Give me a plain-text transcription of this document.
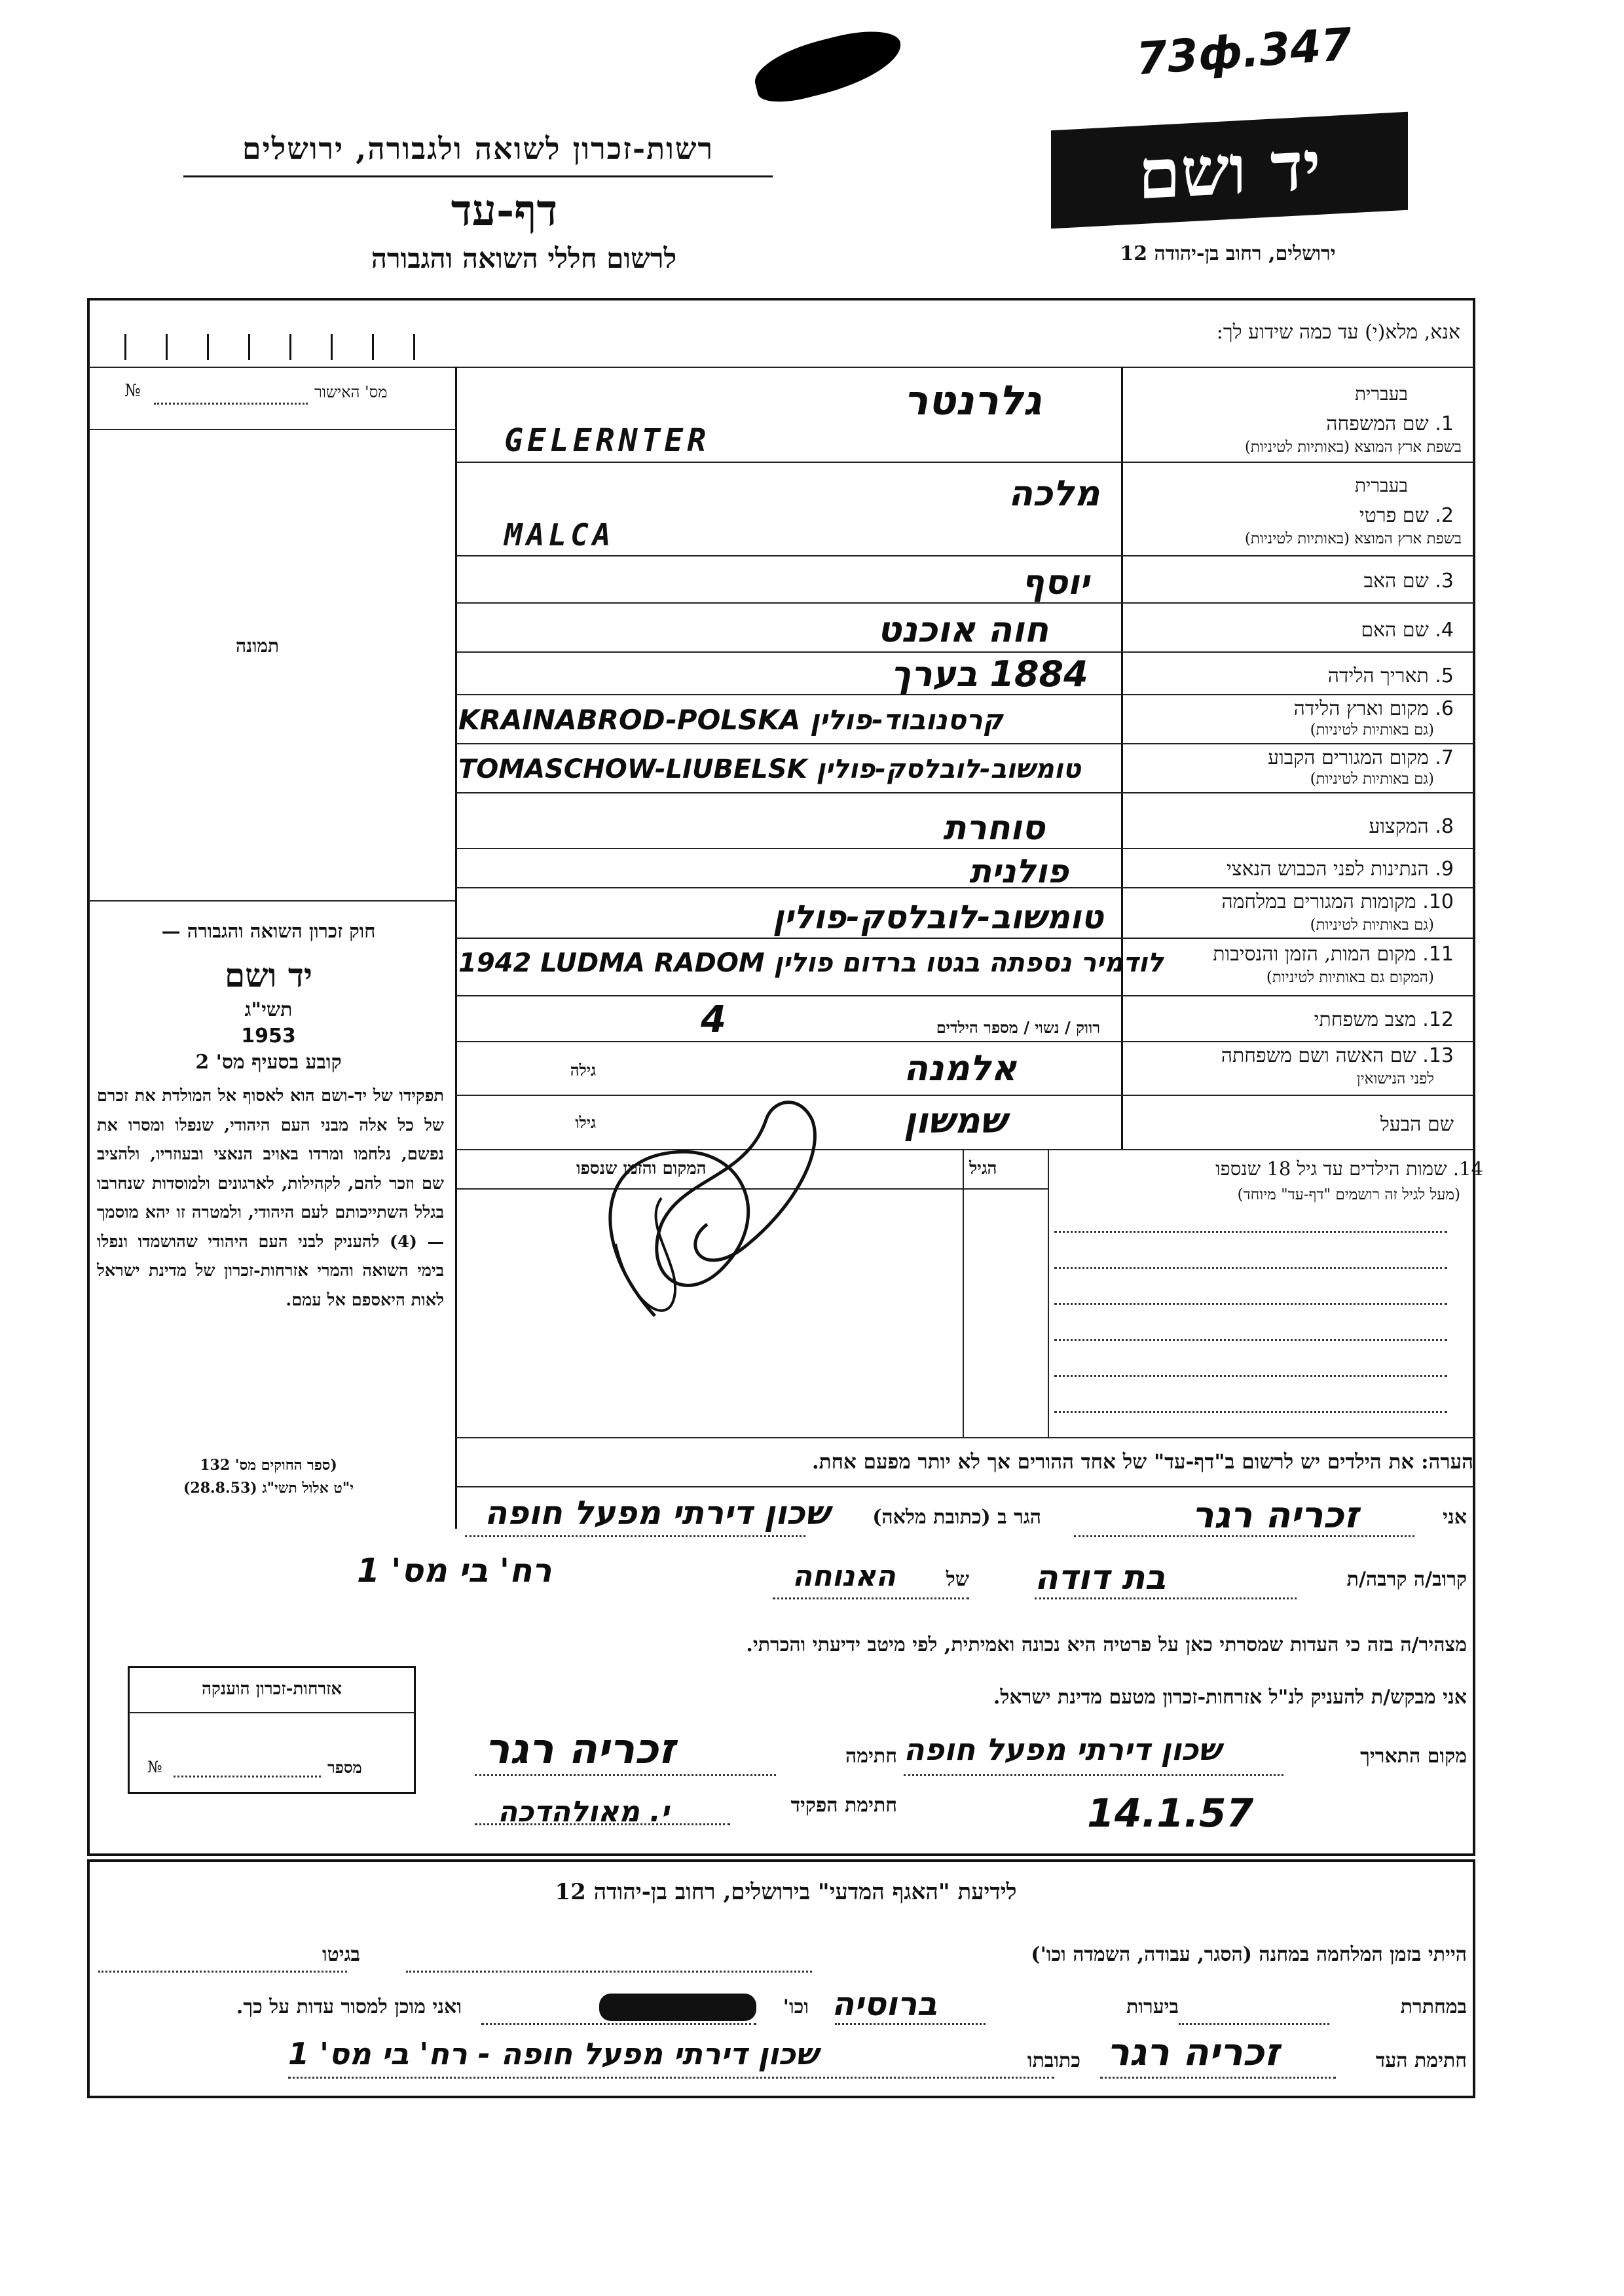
73ф.347
רשות-זכרון לשואה ולגבורה, ירושלים
דף-עד
לרשום חללי השואה והגבורה
יד ושם
ירושלים, רחוב בן-יהודה 12
אנא, מלא(י) עד כמה שידוע לך:
מס' האישור
№
תמונה
חוק זכרון השואה והגבורה —
יד ושם
תשי"ג
1953
קובע בסעיף מס' 2
תפקידו של יד-ושם הוא לאסוף אל המולדת את זכרם של כל אלה מבני העם היהודי, שנפלו ומסרו את נפשם, נלחמו ומרדו באויב הנאצי ובעוזריו, ולהציב שם וזכר להם, לקהילות, לארגונים ולמוסדות שנחרבו בגלל השתייכותם לעם היהודי, ולמטרה זו יהא מוסמך — (4) להעניק לבני העם היהודי שהושמדו ונפלו בימי השואה והמרי אזרחות-זכרון של מדינת ישראל לאות היאספם אל עמם.
(ספר החוקים מס' 132
י"ט אלול תשי"ג (28.8.53)
בעברית
1. שם המשפחה
בשפת ארץ המוצא (באותיות לטיניות)
בעברית
2. שם פרטי
בשפת ארץ המוצא (באותיות לטיניות)
3. שם האב
4. שם האם
5. תאריך הלידה
6. מקום וארץ הלידה
(גם באותיות לטיניות)
7. מקום המגורים הקבוע
(גם באותיות לטיניות)
8. המקצוע
9. הנתינות לפני הכבוש הנאצי
10. מקומות המגורים במלחמה
(גם באותיות לטיניות)
11. מקום המות, הזמן והנסיבות
(המקום גם באותיות לטיניות)
12. מצב משפחתי
13. שם האשה ושם משפחתה
לפני הנישואין
שם הבעל
רווק / נשוי / מספר הילדים
גילה
גילו
גלרנטר
GELERNTER
מלכה
MALCA
יוסף
חוה אוכנט
1884 בערך
KRAINABROD-POLSKA קרסנובוד-פולין
TOMASCHOW-LIUBELSK טומשוב-לובלסק-פולין
סוחרת
פולנית
טומשוב-לובלסק-פולין
1942 LUDMA RADOM לודמיר נספתה בגטו ברדום פולין
4
אלמנה
שמשון
14. שמות הילדים עד גיל 18 שנספו
(מעל לגיל זה רושמים "דף-עד" מיוחד)
הגיל
המקום והזמן שנספו
הערה: את הילדים יש לרשום ב"דף-עד" של אחד ההורים אך לא יותר מפעם אחת.
אני
זכריה רגר
הגר ב (כתובת מלאה)
שכון דירתי מפעל חופה
רח' בי מס' 1	קרוב/ה קרבה/ת
בת דודה
של
האנוחה
מצהיר/ה בזה כי העדות שמסרתי כאן על פרטיה היא נכונה ואמיתית, לפי מיטב ידיעתי והכרתי.
אני מבקש/ת להעניק לנ"ל אזרחות-זכרון מטעם מדינת ישראל.
מקום התאריך
שכון דירתי מפעל חופה
חתימה
זכריה רגר
14.1.57
חתימת הפקיד
י. מאולהדכה
אזרחות-זכרון הוענקה
מספר
№
לידיעת "האגף המדעי" בירושלים, רחוב בן-יהודה 12
הייתי בזמן המלחמה במחנה (הסגר, עבודה, השמדה וכו')
בגיטו
במחתרת
ביערות
ברוסיה
וכו'
ואני מוכן למסור עדות על כך.
חתימת העד
זכריה רגר
כתובתו
שכון דירתי מפעל חופה - רח' בי מס' 1
